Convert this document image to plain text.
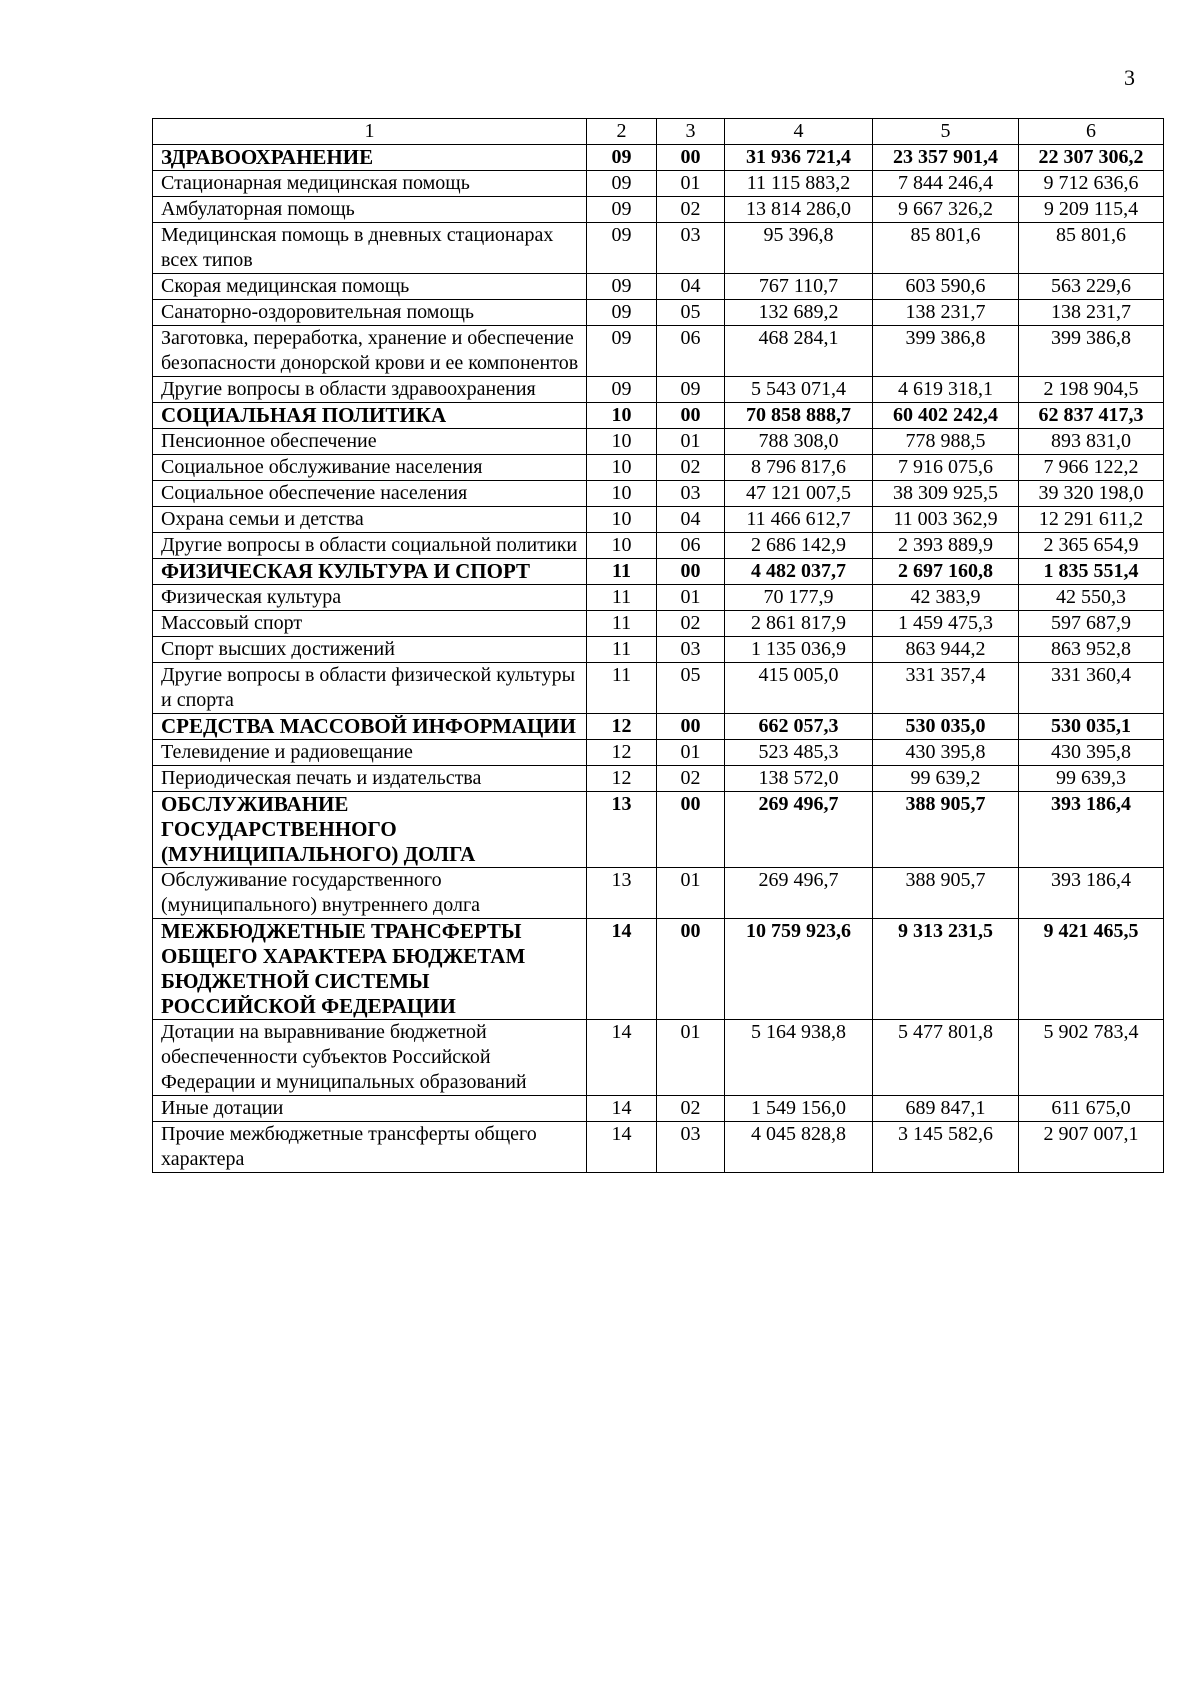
3
1	2	3	4	5	6
ЗДРАВООХРАНЕНИЕ	09	00	31 936 721,4	23 357 901,4	22 307 306,2
Стационарная медицинская помощь	09	01	11 115 883,2	7 844 246,4	9 712 636,6
Амбулаторная помощь	09	02	13 814 286,0	9 667 326,2	9 209 115,4
Медицинская помощь в дневных стационарах всех типов	09	03	95 396,8	85 801,6	85 801,6
Скорая медицинская помощь	09	04	767 110,7	603 590,6	563 229,6
Санаторно-оздоровительная помощь	09	05	132 689,2	138 231,7	138 231,7
Заготовка, переработка, хранение и обеспечение безопасности донорской крови и ее компонентов	09	06	468 284,1	399 386,8	399 386,8
Другие вопросы в области здравоохранения	09	09	5 543 071,4	4 619 318,1	2 198 904,5
СОЦИАЛЬНАЯ ПОЛИТИКА	10	00	70 858 888,7	60 402 242,4	62 837 417,3
Пенсионное обеспечение	10	01	788 308,0	778 988,5	893 831,0
Социальное обслуживание населения	10	02	8 796 817,6	7 916 075,6	7 966 122,2
Социальное обеспечение населения	10	03	47 121 007,5	38 309 925,5	39 320 198,0
Охрана семьи и детства	10	04	11 466 612,7	11 003 362,9	12 291 611,2
Другие вопросы в области социальной политики	10	06	2 686 142,9	2 393 889,9	2 365 654,9
ФИЗИЧЕСКАЯ КУЛЬТУРА И СПОРТ	11	00	4 482 037,7	2 697 160,8	1 835 551,4
Физическая культура	11	01	70 177,9	42 383,9	42 550,3
Массовый спорт	11	02	2 861 817,9	1 459 475,3	597 687,9
Спорт высших достижений	11	03	1 135 036,9	863 944,2	863 952,8
Другие вопросы в области физической культуры и спорта	11	05	415 005,0	331 357,4	331 360,4
СРЕДСТВА МАССОВОЙ ИНФОРМАЦИИ	12	00	662 057,3	530 035,0	530 035,1
Телевидение и радиовещание	12	01	523 485,3	430 395,8	430 395,8
Периодическая печать и издательства	12	02	138 572,0	99 639,2	99 639,3
ОБСЛУЖИВАНИЕ ГОСУДАРСТВЕННОГО (МУНИЦИПАЛЬНОГО) ДОЛГА	13	00	269 496,7	388 905,7	393 186,4
Обслуживание государственного (муниципального) внутреннего долга	13	01	269 496,7	388 905,7	393 186,4
МЕЖБЮДЖЕТНЫЕ ТРАНСФЕРТЫ ОБЩЕГО ХАРАКТЕРА БЮДЖЕТАМ БЮДЖЕТНОЙ СИСТЕМЫ РОССИЙСКОЙ ФЕДЕРАЦИИ	14	00	10 759 923,6	9 313 231,5	9 421 465,5
Дотации на выравнивание бюджетной обеспеченности субъектов Российской Федерации и муниципальных образований	14	01	5 164 938,8	5 477 801,8	5 902 783,4
Иные дотации	14	02	1 549 156,0	689 847,1	611 675,0
Прочие межбюджетные трансферты общего характера	14	03	4 045 828,8	3 145 582,6	2 907 007,1
